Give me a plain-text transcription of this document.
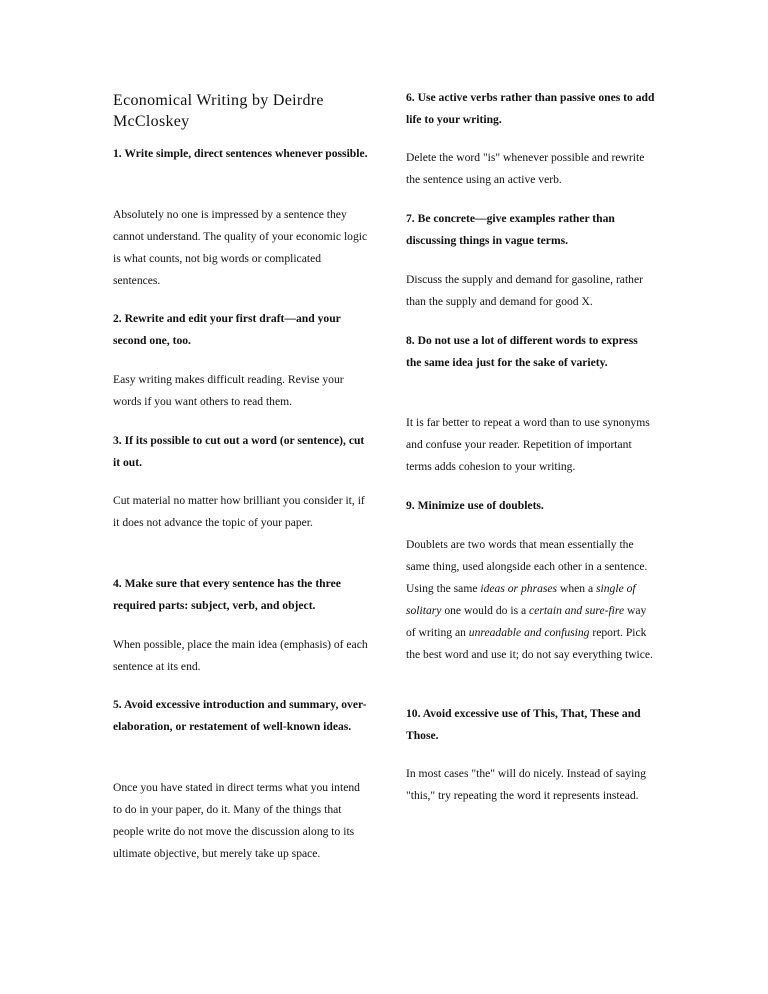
Economical Writing by Deirdre McCloskey

1. Write simple, direct sentences whenever possible.

Absolutely no one is impressed by a sentence they cannot understand. The quality of your economic logic is what counts, not big words or complicated sentences.

2. Rewrite and edit your first draft—and your second one, too.

Easy writing makes difficult reading. Revise your words if you want others to read them.

3. If its possible to cut out a word (or sentence), cut it out.

Cut material no matter how brilliant you consider it, if it does not advance the topic of your paper.

4. Make sure that every sentence has the three required parts: subject, verb, and object.

When possible, place the main idea (emphasis) of each sentence at its end.

5. Avoid excessive introduction and summary, over-elaboration, or restatement of well-known ideas.

Once you have stated in direct terms what you intend to do in your paper, do it. Many of the things that people write do not move the discussion along to its ultimate objective, but merely take up space.

6. Use active verbs rather than passive ones to add life to your writing.

Delete the word "is" whenever possible and rewrite the sentence using an active verb.

7. Be concrete—give examples rather than discussing things in vague terms.

Discuss the supply and demand for gasoline, rather than the supply and demand for good X.

8. Do not use a lot of different words to express the same idea just for the sake of variety.

It is far better to repeat a word than to use synonyms and confuse your reader. Repetition of important terms adds cohesion to your writing.

9. Minimize use of doublets.

Doublets are two words that mean essentially the same thing, used alongside each other in a sentence. Using the same ideas or phrases when a single of solitary one would do is a certain and sure-fire way of writing an unreadable and confusing report. Pick the best word and use it; do not say everything twice.

10. Avoid excessive use of This, That, These and Those.

In most cases "the" will do nicely. Instead of saying "this," try repeating the word it represents instead.
